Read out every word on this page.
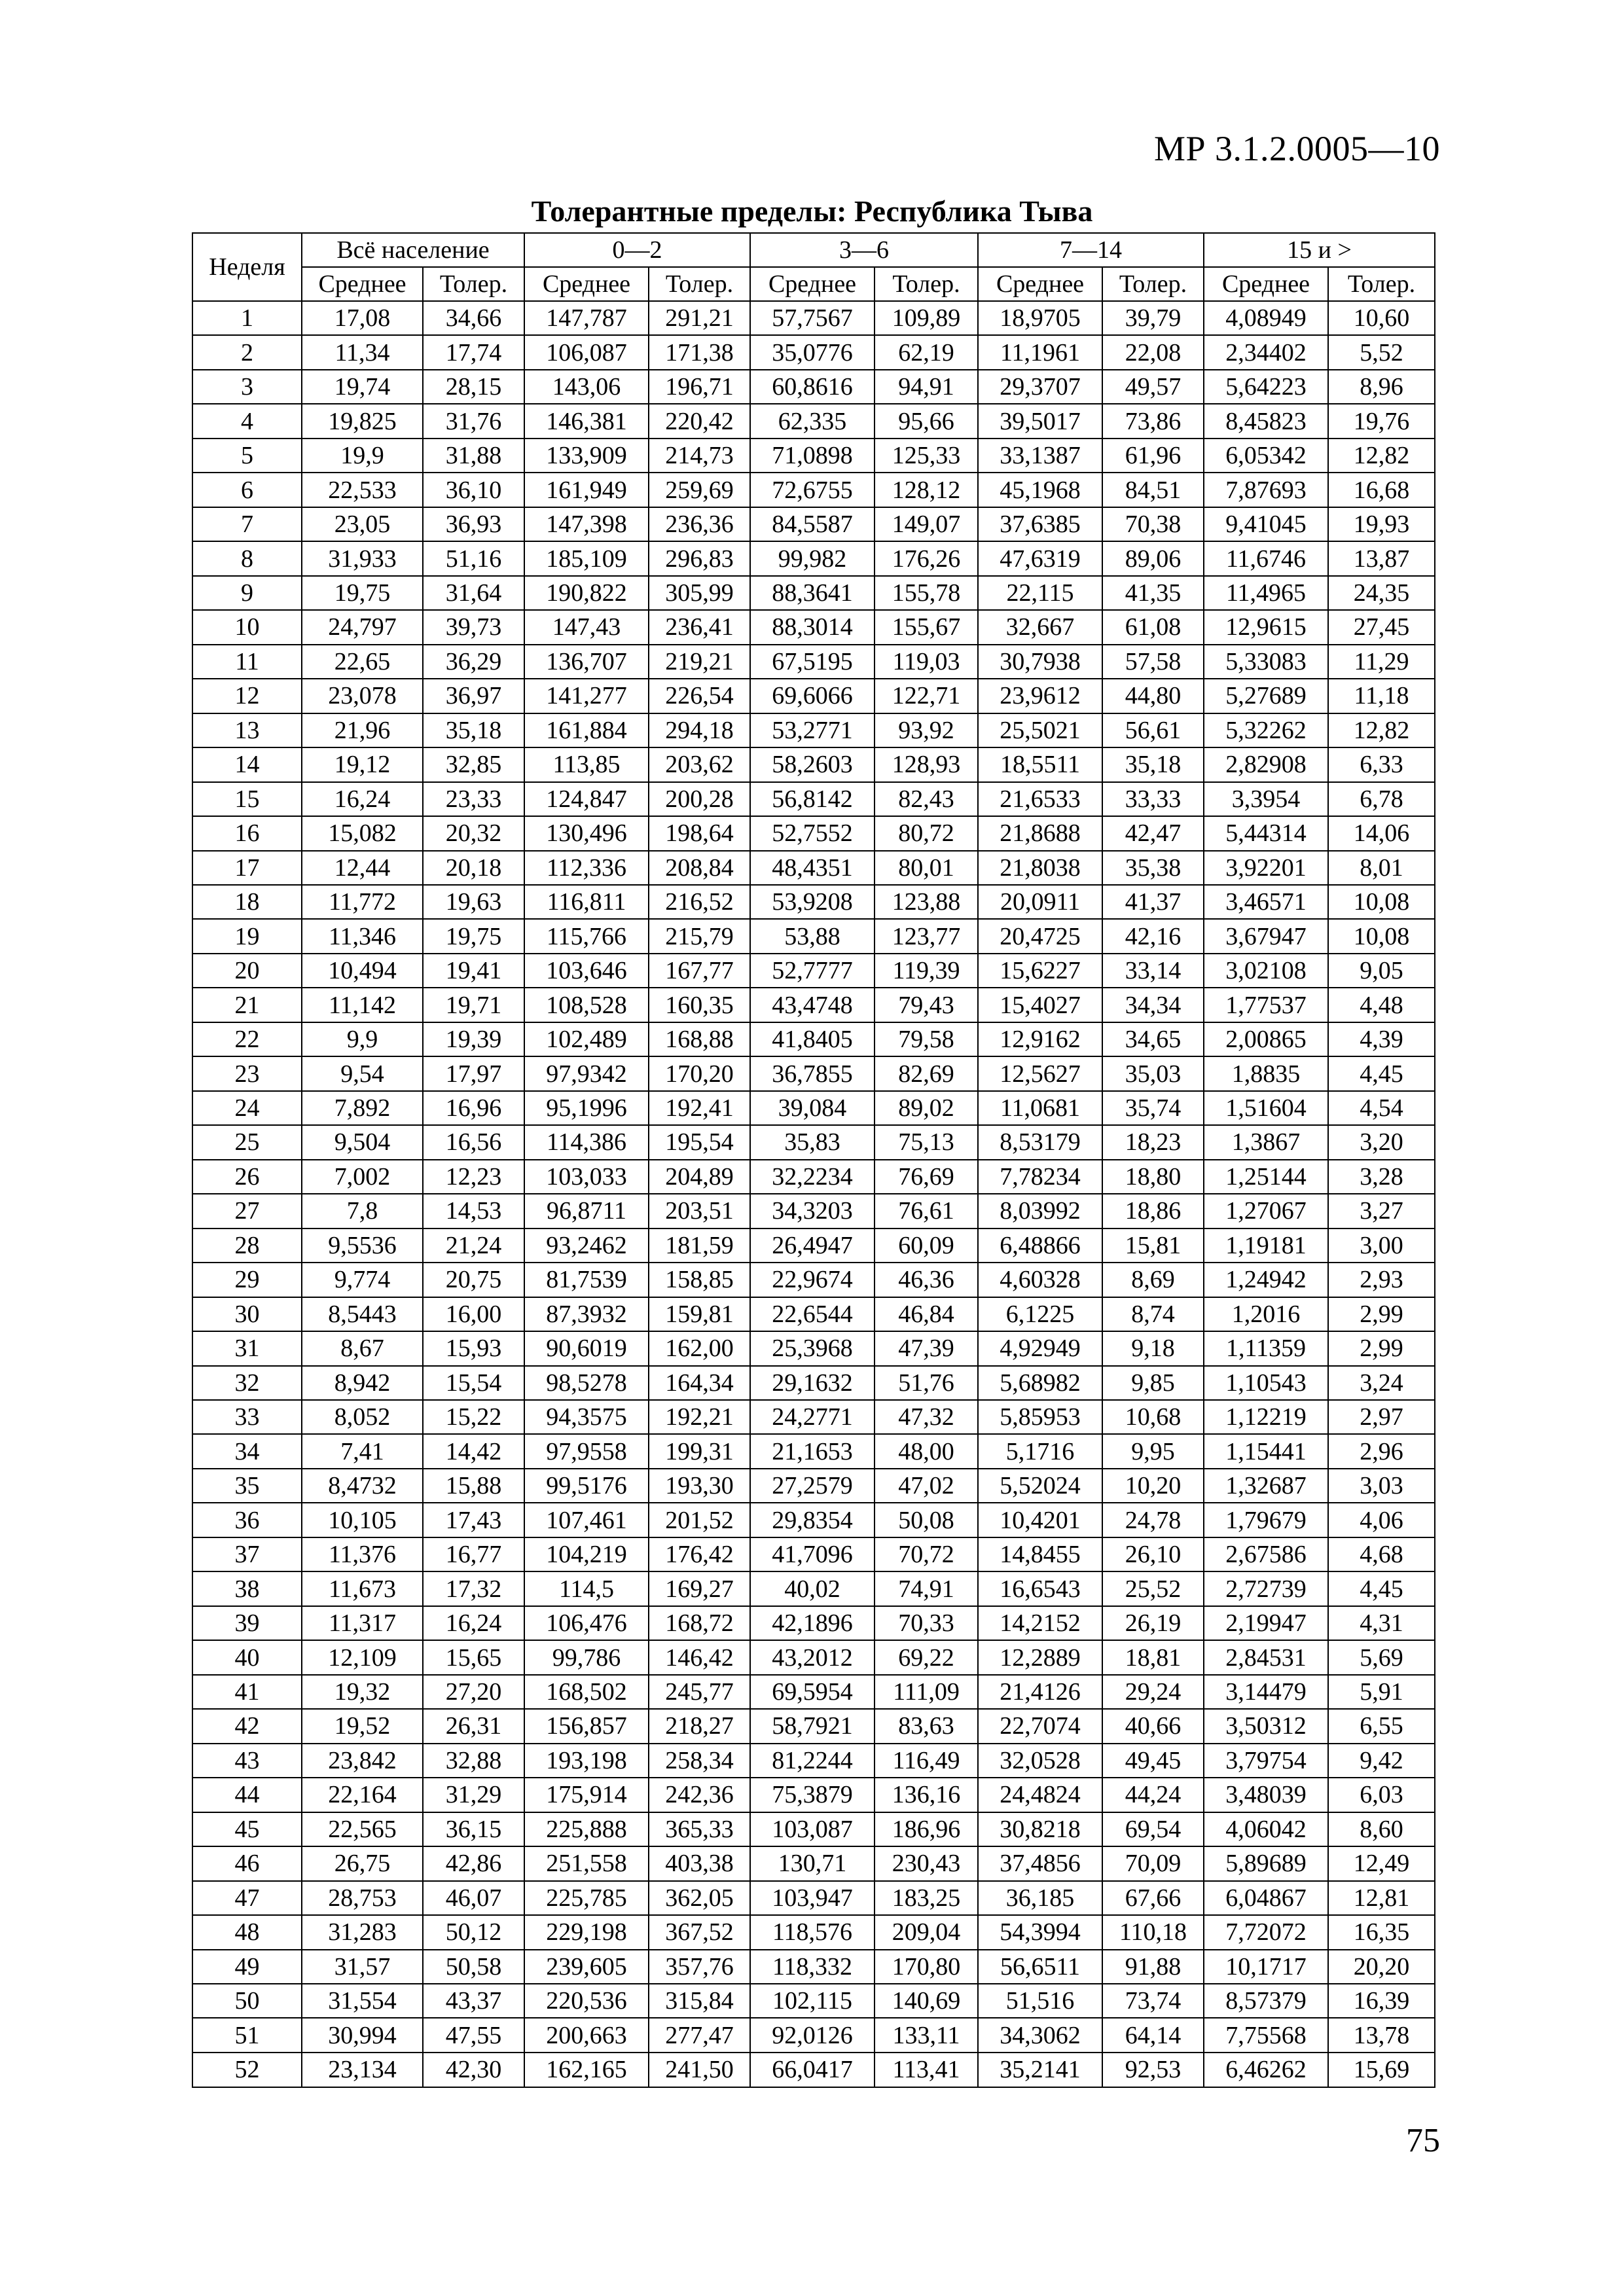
МР 3.1.2.0005—10
Толерантные пределы: Республика Тыва
Неделя	Всё население		0—2		3—6		7—14		15 и >	
	Среднее	Толер.	Среднее	Толер.	Среднее	Толер.	Среднее	Толер.	Среднее	Толер.
1	17,08	34,66	147,787	291,21	57,7567	109,89	18,9705	39,79	4,08949	10,60
2	11,34	17,74	106,087	171,38	35,0776	62,19	11,1961	22,08	2,34402	5,52
3	19,74	28,15	143,06	196,71	60,8616	94,91	29,3707	49,57	5,64223	8,96
4	19,825	31,76	146,381	220,42	62,335	95,66	39,5017	73,86	8,45823	19,76
5	19,9	31,88	133,909	214,73	71,0898	125,33	33,1387	61,96	6,05342	12,82
6	22,533	36,10	161,949	259,69	72,6755	128,12	45,1968	84,51	7,87693	16,68
7	23,05	36,93	147,398	236,36	84,5587	149,07	37,6385	70,38	9,41045	19,93
8	31,933	51,16	185,109	296,83	99,982	176,26	47,6319	89,06	11,6746	13,87
9	19,75	31,64	190,822	305,99	88,3641	155,78	22,115	41,35	11,4965	24,35
10	24,797	39,73	147,43	236,41	88,3014	155,67	32,667	61,08	12,9615	27,45
11	22,65	36,29	136,707	219,21	67,5195	119,03	30,7938	57,58	5,33083	11,29
12	23,078	36,97	141,277	226,54	69,6066	122,71	23,9612	44,80	5,27689	11,18
13	21,96	35,18	161,884	294,18	53,2771	93,92	25,5021	56,61	5,32262	12,82
14	19,12	32,85	113,85	203,62	58,2603	128,93	18,5511	35,18	2,82908	6,33
15	16,24	23,33	124,847	200,28	56,8142	82,43	21,6533	33,33	3,3954	6,78
16	15,082	20,32	130,496	198,64	52,7552	80,72	21,8688	42,47	5,44314	14,06
17	12,44	20,18	112,336	208,84	48,4351	80,01	21,8038	35,38	3,92201	8,01
18	11,772	19,63	116,811	216,52	53,9208	123,88	20,0911	41,37	3,46571	10,08
19	11,346	19,75	115,766	215,79	53,88	123,77	20,4725	42,16	3,67947	10,08
20	10,494	19,41	103,646	167,77	52,7777	119,39	15,6227	33,14	3,02108	9,05
21	11,142	19,71	108,528	160,35	43,4748	79,43	15,4027	34,34	1,77537	4,48
22	9,9	19,39	102,489	168,88	41,8405	79,58	12,9162	34,65	2,00865	4,39
23	9,54	17,97	97,9342	170,20	36,7855	82,69	12,5627	35,03	1,8835	4,45
24	7,892	16,96	95,1996	192,41	39,084	89,02	11,0681	35,74	1,51604	4,54
25	9,504	16,56	114,386	195,54	35,83	75,13	8,53179	18,23	1,3867	3,20
26	7,002	12,23	103,033	204,89	32,2234	76,69	7,78234	18,80	1,25144	3,28
27	7,8	14,53	96,8711	203,51	34,3203	76,61	8,03992	18,86	1,27067	3,27
28	9,5536	21,24	93,2462	181,59	26,4947	60,09	6,48866	15,81	1,19181	3,00
29	9,774	20,75	81,7539	158,85	22,9674	46,36	4,60328	8,69	1,24942	2,93
30	8,5443	16,00	87,3932	159,81	22,6544	46,84	6,1225	8,74	1,2016	2,99
31	8,67	15,93	90,6019	162,00	25,3968	47,39	4,92949	9,18	1,11359	2,99
32	8,942	15,54	98,5278	164,34	29,1632	51,76	5,68982	9,85	1,10543	3,24
33	8,052	15,22	94,3575	192,21	24,2771	47,32	5,85953	10,68	1,12219	2,97
34	7,41	14,42	97,9558	199,31	21,1653	48,00	5,1716	9,95	1,15441	2,96
35	8,4732	15,88	99,5176	193,30	27,2579	47,02	5,52024	10,20	1,32687	3,03
36	10,105	17,43	107,461	201,52	29,8354	50,08	10,4201	24,78	1,79679	4,06
37	11,376	16,77	104,219	176,42	41,7096	70,72	14,8455	26,10	2,67586	4,68
38	11,673	17,32	114,5	169,27	40,02	74,91	16,6543	25,52	2,72739	4,45
39	11,317	16,24	106,476	168,72	42,1896	70,33	14,2152	26,19	2,19947	4,31
40	12,109	15,65	99,786	146,42	43,2012	69,22	12,2889	18,81	2,84531	5,69
41	19,32	27,20	168,502	245,77	69,5954	111,09	21,4126	29,24	3,14479	5,91
42	19,52	26,31	156,857	218,27	58,7921	83,63	22,7074	40,66	3,50312	6,55
43	23,842	32,88	193,198	258,34	81,2244	116,49	32,0528	49,45	3,79754	9,42
44	22,164	31,29	175,914	242,36	75,3879	136,16	24,4824	44,24	3,48039	6,03
45	22,565	36,15	225,888	365,33	103,087	186,96	30,8218	69,54	4,06042	8,60
46	26,75	42,86	251,558	403,38	130,71	230,43	37,4856	70,09	5,89689	12,49
47	28,753	46,07	225,785	362,05	103,947	183,25	36,185	67,66	6,04867	12,81
48	31,283	50,12	229,198	367,52	118,576	209,04	54,3994	110,18	7,72072	16,35
49	31,57	50,58	239,605	357,76	118,332	170,80	56,6511	91,88	10,1717	20,20
50	31,554	43,37	220,536	315,84	102,115	140,69	51,516	73,74	8,57379	16,39
51	30,994	47,55	200,663	277,47	92,0126	133,11	34,3062	64,14	7,75568	13,78
52	23,134	42,30	162,165	241,50	66,0417	113,41	35,2141	92,53	6,46262	15,69
75
